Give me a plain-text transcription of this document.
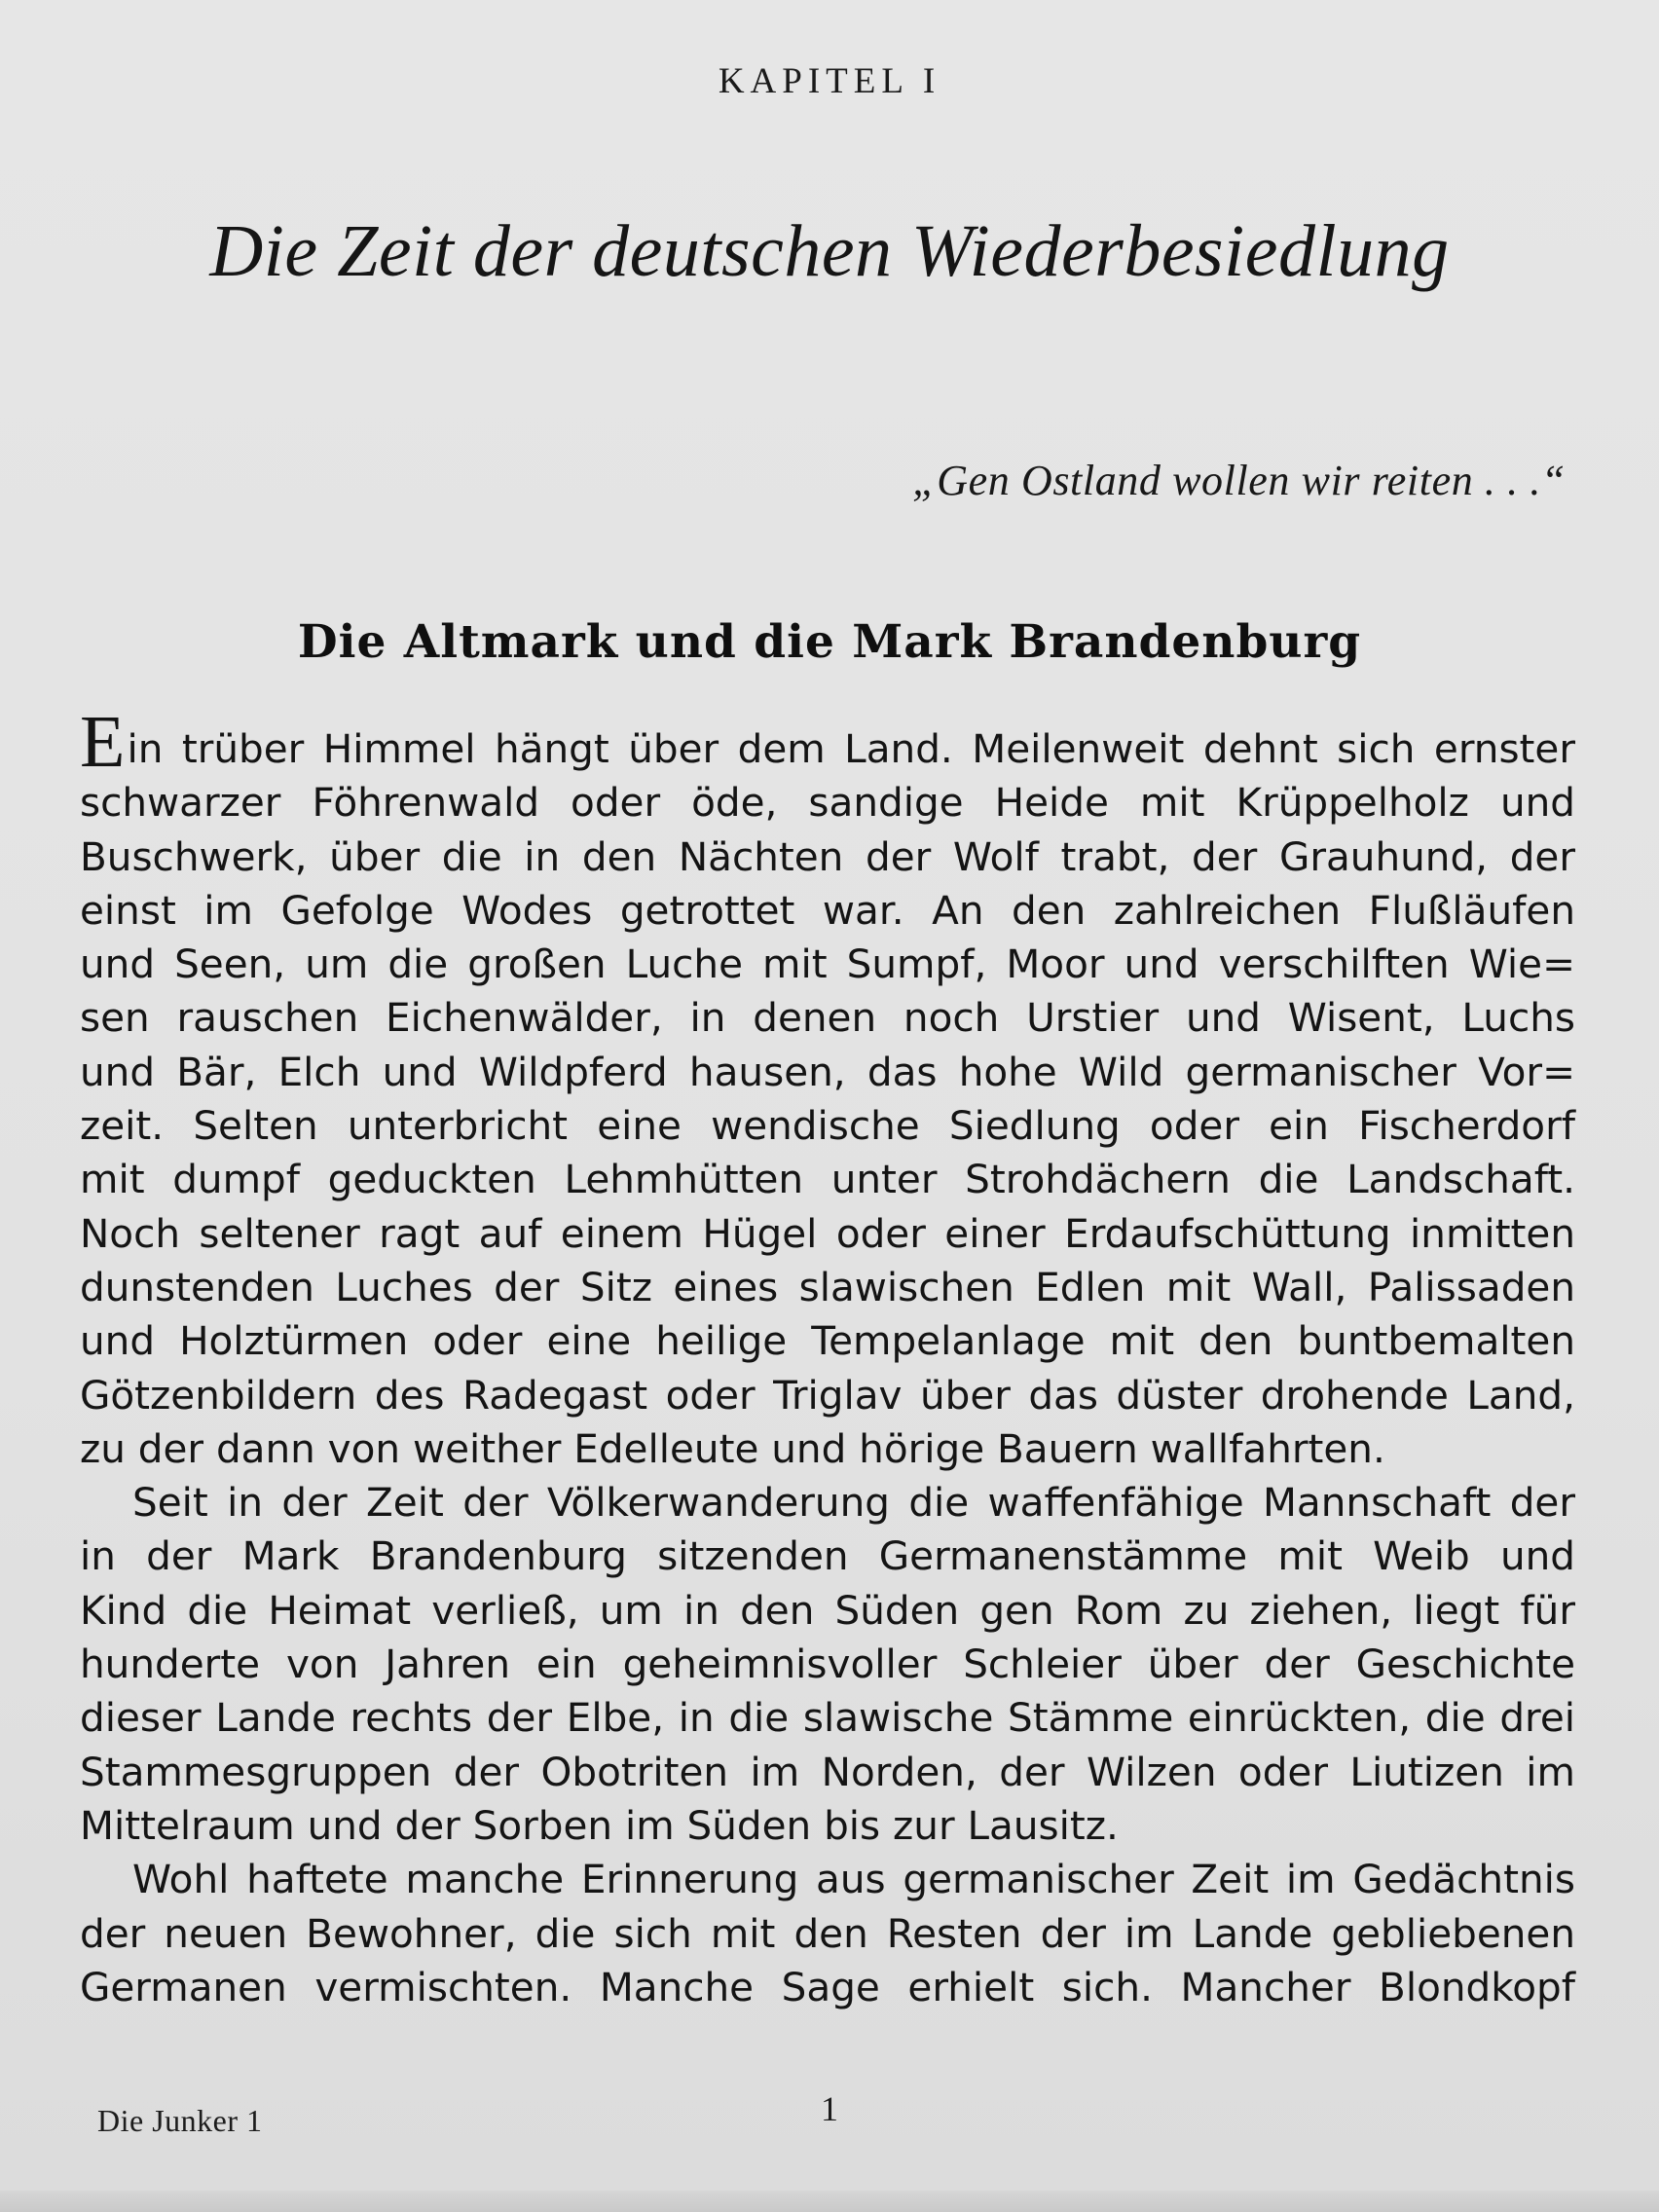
KAPITEL I
Die Zeit der deutschen Wiederbesiedlung
„Gen Ostland wollen wir reiten . . .“
Die Altmark und die Mark Brandenburg
Ein trüber Himmel hängt über dem Land. Meilenweit dehnt sich ernster
schwarzer Föhrenwald oder öde, sandige Heide mit Krüppelholz und
Buschwerk, über die in den Nächten der Wolf trabt, der Grauhund, der
einst im Gefolge Wodes getrottet war. An den zahlreichen Flußläufen
und Seen, um die großen Luche mit Sumpf, Moor und verschilften Wie=
sen rauschen Eichenwälder, in denen noch Urstier und Wisent, Luchs
und Bär, Elch und Wildpferd hausen, das hohe Wild germanischer Vor=
zeit. Selten unterbricht eine wendische Siedlung oder ein Fischerdorf
mit dumpf geduckten Lehmhütten unter Strohdächern die Landschaft.
Noch seltener ragt auf einem Hügel oder einer Erdaufschüttung inmitten
dunstenden Luches der Sitz eines slawischen Edlen mit Wall, Palissaden
und Holztürmen oder eine heilige Tempelanlage mit den buntbemalten
Götzenbildern des Radegast oder Triglav über das düster drohende Land,
zu der dann von weither Edelleute und hörige Bauern wallfahrten.
Seit in der Zeit der Völkerwanderung die waffenfähige Mannschaft der
in der Mark Brandenburg sitzenden Germanenstämme mit Weib und
Kind die Heimat verließ, um in den Süden gen Rom zu ziehen, liegt für
hunderte von Jahren ein geheimnisvoller Schleier über der Geschichte
dieser Lande rechts der Elbe, in die slawische Stämme einrückten, die drei
Stammesgruppen der Obotriten im Norden, der Wilzen oder Liutizen im
Mittelraum und der Sorben im Süden bis zur Lausitz.
Wohl haftete manche Erinnerung aus germanischer Zeit im Gedächtnis
der neuen Bewohner, die sich mit den Resten der im Lande gebliebenen
Germanen vermischten. Manche Sage erhielt sich. Mancher Blondkopf
Die Junker 1	1
